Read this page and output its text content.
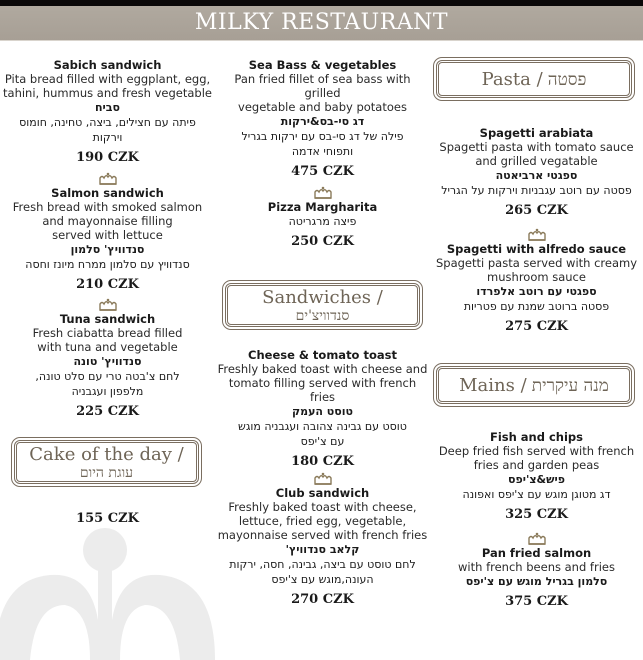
MILKY RESTAURANT
Sabich sandwich
Pita bread filled with eggplant, egg,
tahini, hummus and fresh vegetable
סביח
פיתה עם חצילים, ביצה, טחינה, חומוס
וירקות
190 CZK
Salmon sandwich
Fresh bread with smoked salmon
and mayonnaise filling
served with lettuce
סנדוויץ' סלמון
סנדוויץ עם סלמון ממרח מיונז וחסה
210 CZK
Tuna sandwich
Fresh ciabatta bread filled
with tuna and vegetable
סנדוויץ' טונה
לחם צ'בטה טרי עם סלט טונה,
מלפפון ועגבניה
225 CZK
Cake of the day /
עוגת היום
155 CZK
Sea Bass & vegetables
Pan fried fillet of sea bass with grilled
vegetable and baby potatoes
דג סי-בס&ירקות
פילה של דג סי-בס עם ירקות בגריל
ותפוחי אדמה
475 CZK
Pizza Margharita
פיצה מרגריטה
250 CZK
Sandwiches /
סנדוויצ'ים
Cheese & tomato toast
Freshly baked toast with cheese and
tomato filling served with french fries
טוסט העמק
טוסט עם גבינה צהובה ועגבניה מוגש
עם צ'יפס
180 CZK
Club sandwich
Freshly baked toast with cheese,
lettuce, fried egg, vegetable,
mayonnaise served with french fries
קלאב סנדוויץ'
לחם טוסט עם ביצה, גבינה, חסה, ירקות
העונה,מוגש עם צ'יפס
270 CZK
Pasta / פסטה
Spagetti arabiata
Spagetti pasta with tomato sauce
and grilled vegatable
ספגטי ארביאטה
פסטה עם רוטב עגבניות וירקות על הגריל
265 CZK
Spagetti with alfredo sauce
Spagetti pasta served with creamy
mushroom sauce
ספגטי עם רוטב אלפרדו
פסטה ברוטב שמנת עם פטריות
275 CZK
Mains / מנה עיקרית
Fish and chips
Deep fried fish served with french
fries and garden peas
פיש&צ'יפס
דג מטוגן מוגש עם צ'יפס ואפונה
325 CZK
Pan fried salmon
with french beens and fries
סלמון בגריל מוגש עם צ'יפס
375 CZK
